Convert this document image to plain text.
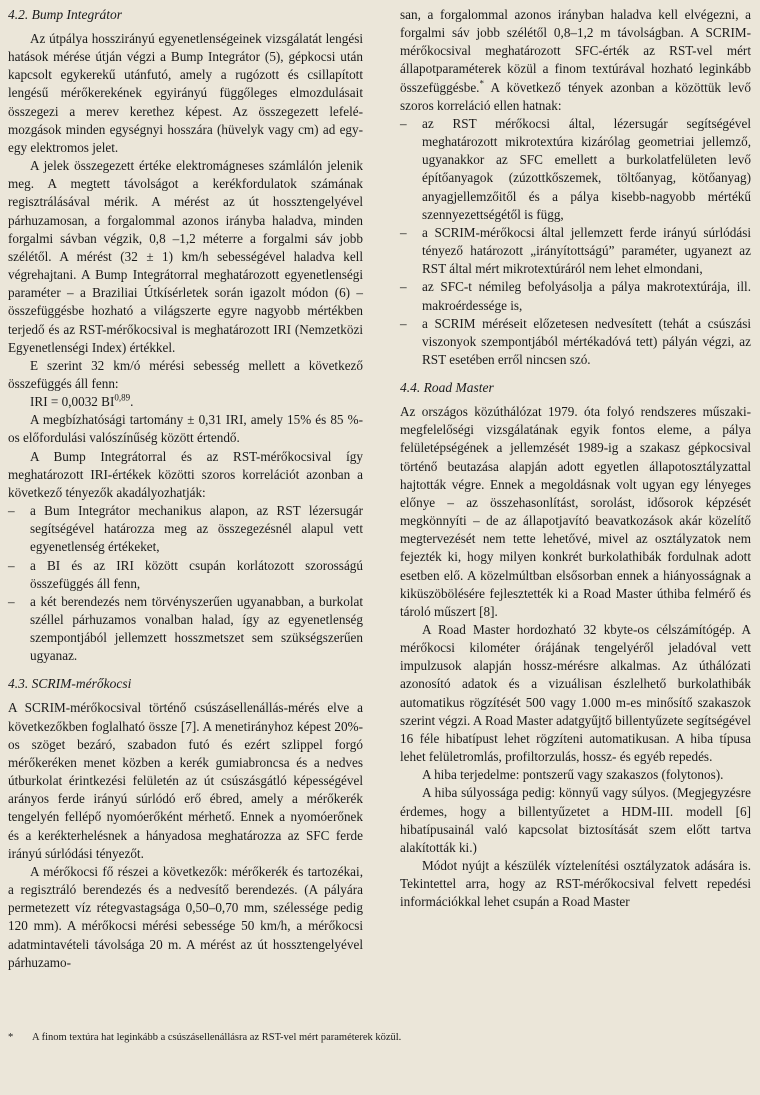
4.2. Bump Integrátor

Az útpálya hosszirányú egyenetlenségeinek vizsgálatát lengési hatások mérése útján végzi a Bump Integrátor (5), gépkocsi után kapcsolt egykerekű utánfutó, amely a rugózott és csillapított lengésű mérőkerekének egyirányú függőleges elmozdulásait összegezi a merev kerethez képest. Az összegezett lefelé-mozgások minden egységnyi hosszára (hüvelyk vagy cm) ad egy-egy elektromos jelet.

A jelek összegezett értéke elektromágneses számlálón jelenik meg. A megtett távolságot a kerékfordulatok számának regisztrálásával mérik. A mérést az út hossztengelyével párhuzamosan, a forgalommal azonos irányba haladva, minden forgalmi sávban végzik, 0,8 –1,2 méterre a forgalmi sáv jobb szélétől. A mérést (32 ± 1) km/h sebességével haladva kell végrehajtani. A Bump Integrátorral meghatározott egyenetlenségi paraméter – a Braziliai Útkísérletek során igazolt módon (6) – összefüggésbe hozható a világszerte egyre nagyobb mértékben terjedő és az RST-mérőkocsival is meghatározott IRI (Nemzetközi Egyenetlenségi Index) értékkel.

E szerint 32 km/ó mérési sebesség mellett a következő összefüggés áll fenn:

IRI = 0,0032 BI$^{0,89}$.

A megbízhatósági tartomány ± 0,31 IRI, amely 15% és 85 %-os előfordulási valószínűség között értendő.

A Bump Integrátorral és az RST-mérőkocsival így meghatározott IRI-értékek közötti szoros korrelációt azonban a következő tényezők akadályozhatják:

– a Bum Integrátor mechanikus alapon, az RST lézersugár segítségével határozza meg az összegezésnél alapul vett egyenetlenség értékeket,
– a BI és az IRI között csupán korlátozott szorosságú összefüggés áll fenn,
– a két berendezés nem törvényszerűen ugyanabban, a burkolat széllel párhuzamos vonalban halad, így az egyenetlenség szempontjából jellemzett hosszmetszet sem szükségszerűen ugyanaz.
4.3. SCRIM-mérőkocsi

A SCRIM-mérőkocsival történő csúszásellenállás-mérés elve a következőkben foglalható össze [7]. A menetirányhoz képest 20%-os szöget bezáró, szabadon futó és ezért szlippel forgó mérőkeréken menet közben a kerék gumiabroncsa és a nedves útburkolat érintkezési felületén az út csúszásgátló képességével arányos ferde irányú súrlódó erő ébred, amely a mérőkerék tengelyén fellépő nyomóerőként mérhető. Ennek a nyomóerőnek és a kerékterhelésnek a hányadosa meghatározza az SFC ferde irányú súrlódási tényezőt.

A mérőkocsi fő részei a következők: mérőkerék és tartozékai, a regisztráló berendezés és a nedvesítő berendezés. (A pályára permetezett víz rétegvastagsága 0,50–0,70 mm, szélessége pedig 120 mm). A mérőkocsi mérési sebessége 50 km/h, a mérőkocsi adatmintavételi távolsága 20 m. A mérést az út hossztengelyével párhuzamo-

san, a forgalommal azonos irányban haladva kell elvégezni, a forgalmi sáv jobb szélétől 0,8–1,2 m távolságban. A SCRIM-mérőkocsival meghatározott SFC-érték az RST-vel mért állapotparaméterek közül a finom textúrával hozható leginkább összefüggésbe.* A következő tények azonban a közöttük levő szoros korreláció ellen hatnak:

– az RST mérőkocsi által, lézersugár segítségével meghatározott mikrotextúra kizárólag geometriai jellemző, ugyanakkor az SFC emellett a burkolatfelületen levő építőanyagok (zúzottkőszemek, töltőanyag, kötőanyag) anyagjellemzőitől és a pálya kisebb-nagyobb mértékű szennyezettségétől is függ,
– a SCRIM-mérőkocsi által jellemzett ferde irányú súrlódási tényező határozott „irányítottságú” paraméter, ugyanezt az RST által mért mikrotextúráról nem lehet elmondani,
– az SFC-t némileg befolyásolja a pálya makrotextúrája, ill. makroérdessége is,
– a SCRIM méréseit előzetesen nedvesített (tehát a csúszási viszonyok szempontjából mértékadóvá tett) pályán végzi, az RST esetében erről nincsen szó.
4.4. Road Master

Az országos közúthálózat 1979. óta folyó rendszeres műszaki-megfelelőségi vizsgálatának egyik fontos eleme, a pálya felületépségének a jellemzését 1989-ig a szakasz gépkocsival történő beutazása alapján adott egyetlen állapotosztályzattal hajtották végre. Ennek a megoldásnak volt ugyan egy lényeges előnye – az összehasonlítást, sorolást, idősorok képzését megkönnyíti – de az állapotjavító beavatkozások akár közelítő megtervezését nem tette lehetővé, mivel az osztályzatok nem fejezték ki, hogy milyen konkrét burkolathibák fordulnak adott esetben elő. A közelmúltban elsősorban ennek a hiányosságnak a kiküszöbölésére fejlesztették ki a Road Master úthiba felmérő és tároló műszert [8].

A Road Master hordozható 32 kbyte-os célszámítógép. A mérőkocsi kilométer órájának tengelyéről jeladóval vett impulzusok alapján hossz-mérésre alkalmas. Az úthálózati azonosító adatok és a vizuálisan észlelhető burkolathibák automatikus rögzítését 500 vagy 1.000 m-es minősítő szakaszok szerint végzi. A Road Master adatgyűjtő billentyűzete segítségével 16 féle hibatípust lehet rögzíteni automatikusan. A hiba típusa lehet felületromlás, profiltorzulás, hossz- és egyéb repedés.

A hiba terjedelme: pontszerű vagy szakaszos (folytonos).

A hiba súlyossága pedig: könnyű vagy súlyos. (Megjegyzésre érdemes, hogy a billentyűzetet a HDM-III. modell [6] hibatípusainál való kapcsolat biztosítását szem előtt tartva alakították ki.)

Módot nyújt a készülék víztelenítési osztályzatok adására is. Tekintettel arra, hogy az RST-mérőkocsival felvett repedési információkkal lehet csupán a Road Master

* A finom textúra hat leginkább a csúszásellenállásra az RST-vel mért paraméterek közül.
